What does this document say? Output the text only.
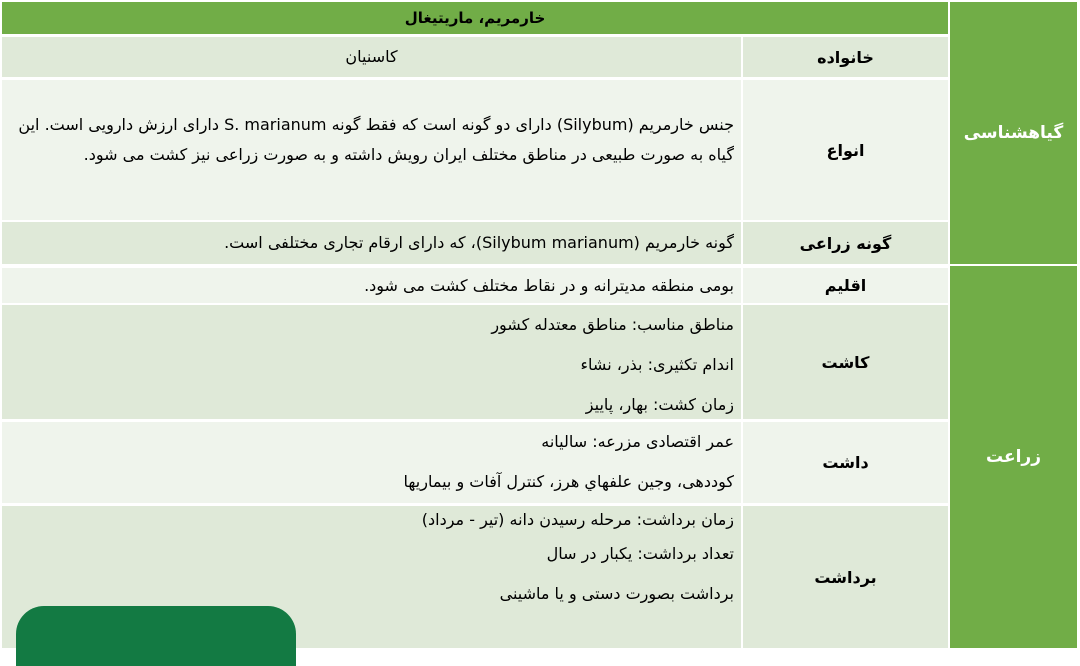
گیاهشناسی
زراعت
خارمریم، ماریتیغال
خانواده
کاسنیان
انواع
جنس خارمریم (Silybum) دارای دو گونه است که فقط گونه S. marianum دارای ارزش دارویی است. این گیاه به صورت طبیعی در مناطق مختلف ایران رویش داشته و به صورت زراعی نیز کشت می شود.
گونه زراعی
گونه خارمریم (Silybum marianum)، که دارای ارقام تجاری مختلفی است.
اقلیم
بومی منطقه مدیترانه و در نقاط مختلف کشت می شود.
کاشت
مناطق مناسب: مناطق معتدله کشور
اندام تکثیری: بذر، نشاء
زمان کشت: بهار، پاییز
داشت
عمر اقتصادی مزرعه: سالیانه
کوددهی، وجین علفهاي هرز، کنترل آفات و بیماریها
برداشت
زمان برداشت: مرحله رسیدن دانه (تیر - مرداد)
تعداد برداشت: یکبار در سال
برداشت بصورت دستی و یا ماشینی
